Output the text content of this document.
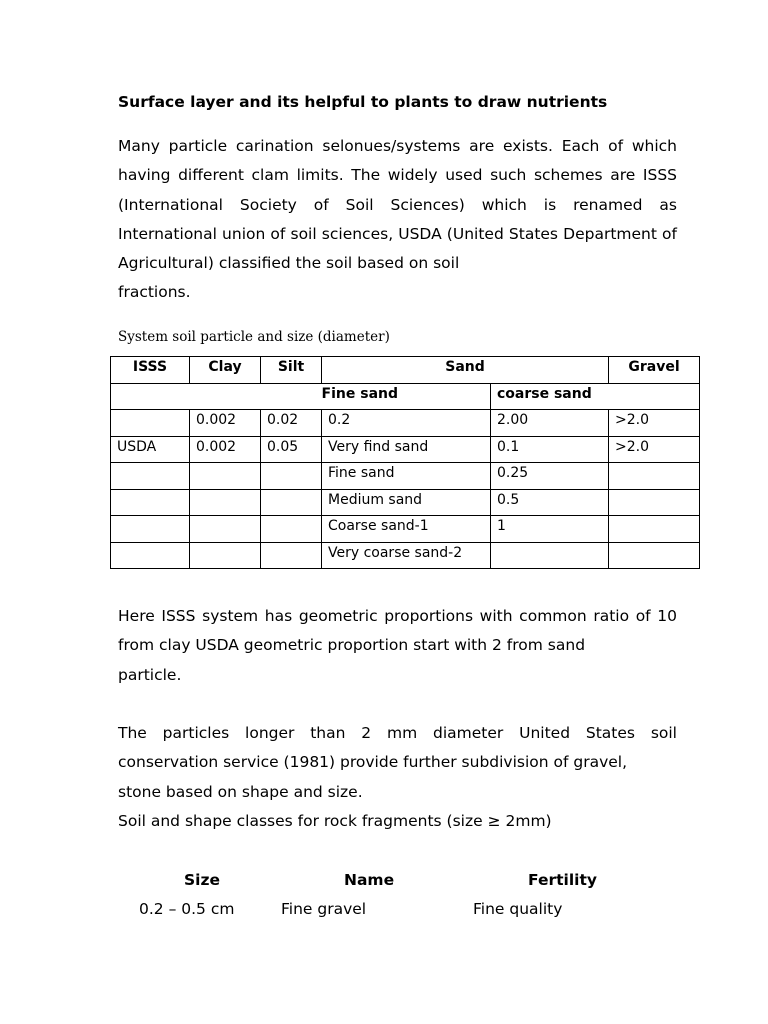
Surface layer and its helpful to plants to draw nutrients
Many particle carination selonues/systems are exists. Each of which having different clam limits. The widely used such schemes are ISSS (International Society of Soil Sciences) which is renamed as International union of soil sciences, USDA (United States Department of Agricultural) classified the soil based on soil
fractions.
System soil particle and size (diameter)
ISSS	Clay	Silt	Sand		Gravel
Fine sand				coarse sand	
	0.002	0.02	0.2	2.00	>2.0
USDA	0.002	0.05	Very find sand	0.1	>2.0
			Fine sand	0.25	
			Medium sand	0.5	
			Coarse sand-1	1	
			Very coarse sand-2		
Here ISSS system has geometric proportions with common ratio of 10 from clay USDA geometric proportion start with 2 from sand
particle.
The particles longer than 2 mm diameter United States soil conservation service (1981) provide further subdivision of gravel,
stone based on shape and size.
Soil and shape classes for rock fragments (size ≥ 2mm)
Size	Name	Fertility
0.2 – 0.5 cm	Fine gravel	Fine quality
